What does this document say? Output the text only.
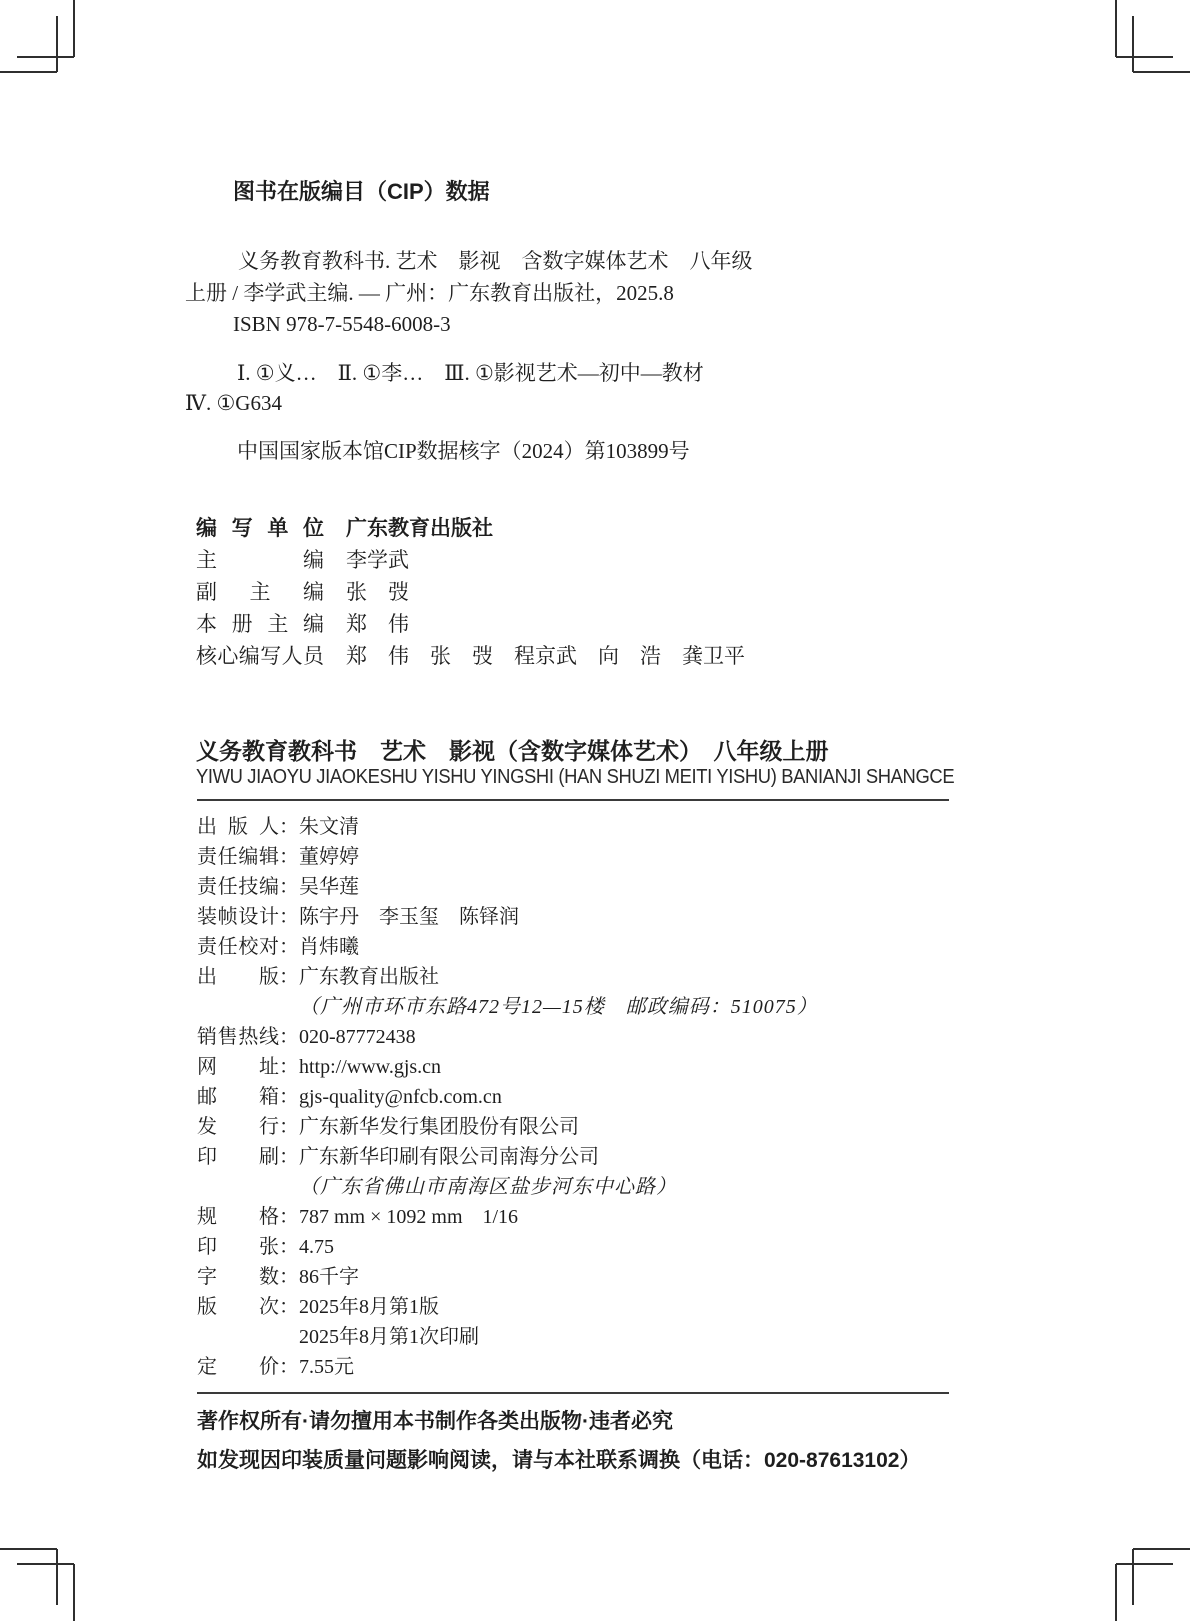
图书在版编目（CIP）数据
义务教育教科书. 艺术　影视　含数字媒体艺术　八年级
上册 / 李学武主编. — 广州：广东教育出版社，2025.8
ISBN 978-7-5548-6008-3
Ⅰ. ①义…　Ⅱ. ①李…　Ⅲ. ①影视艺术—初中—教材
Ⅳ. ①G634
中国国家版本馆CIP数据核字（2024）第103899号
编写单位 广东教育出版社
主编 李学武
副主编 张　弢
本册主编 郑　伟
核心编写人员 郑　伟　张　弢　程京武　向　浩　龚卫平
义务教育教科书　艺术　影视（含数字媒体艺术）　八年级上册
YIWU JIAOYU JIAOKESHU YISHU YINGSHI (HAN SHUZI MEITI YISHU) BANIANJI SHANGCE
出版人：朱文清
责任编辑：董婷婷
责任技编：吴华莲
装帧设计：陈宇丹　李玉玺　陈铎润
责任校对：肖炜曦
出版：广东教育出版社
（广州市环市东路472号12—15楼　邮政编码：510075）
销售热线：020-87772438
网址：http://www.gjs.cn
邮箱：gjs-quality@nfcb.com.cn
发行：广东新华发行集团股份有限公司
印刷：广东新华印刷有限公司南海分公司
（广东省佛山市南海区盐步河东中心路）
规格：787 mm × 1092 mm　1/16
印张：4.75
字数：86千字
版次：2025年8月第1版
2025年8月第1次印刷
定价：7.55元
著作权所有·请勿擅用本书制作各类出版物·违者必究
如发现因印装质量问题影响阅读，请与本社联系调换（电话：020-87613102）
